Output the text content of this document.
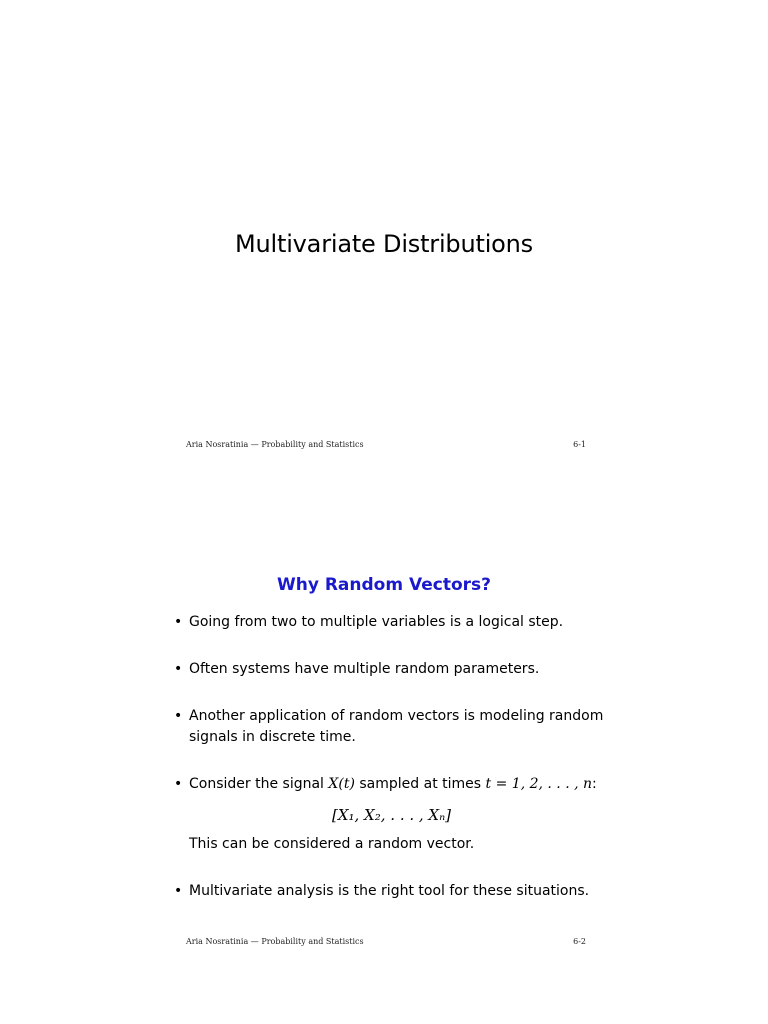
Multivariate Distributions
Aria Nosratinia — Probability and Statistics	6-1
Why Random Vectors?
• Going from two to multiple variables is a logical step.
• Often systems have multiple random parameters.
• Another application of random vectors is modeling random signals in discrete time.
• Consider the signal X(t) sampled at times t = 1, 2, . . . , n:
[X₁, X₂, . . . , Xₙ]
This can be considered a random vector.
• Multivariate analysis is the right tool for these situations.
Aria Nosratinia — Probability and Statistics	6-2
